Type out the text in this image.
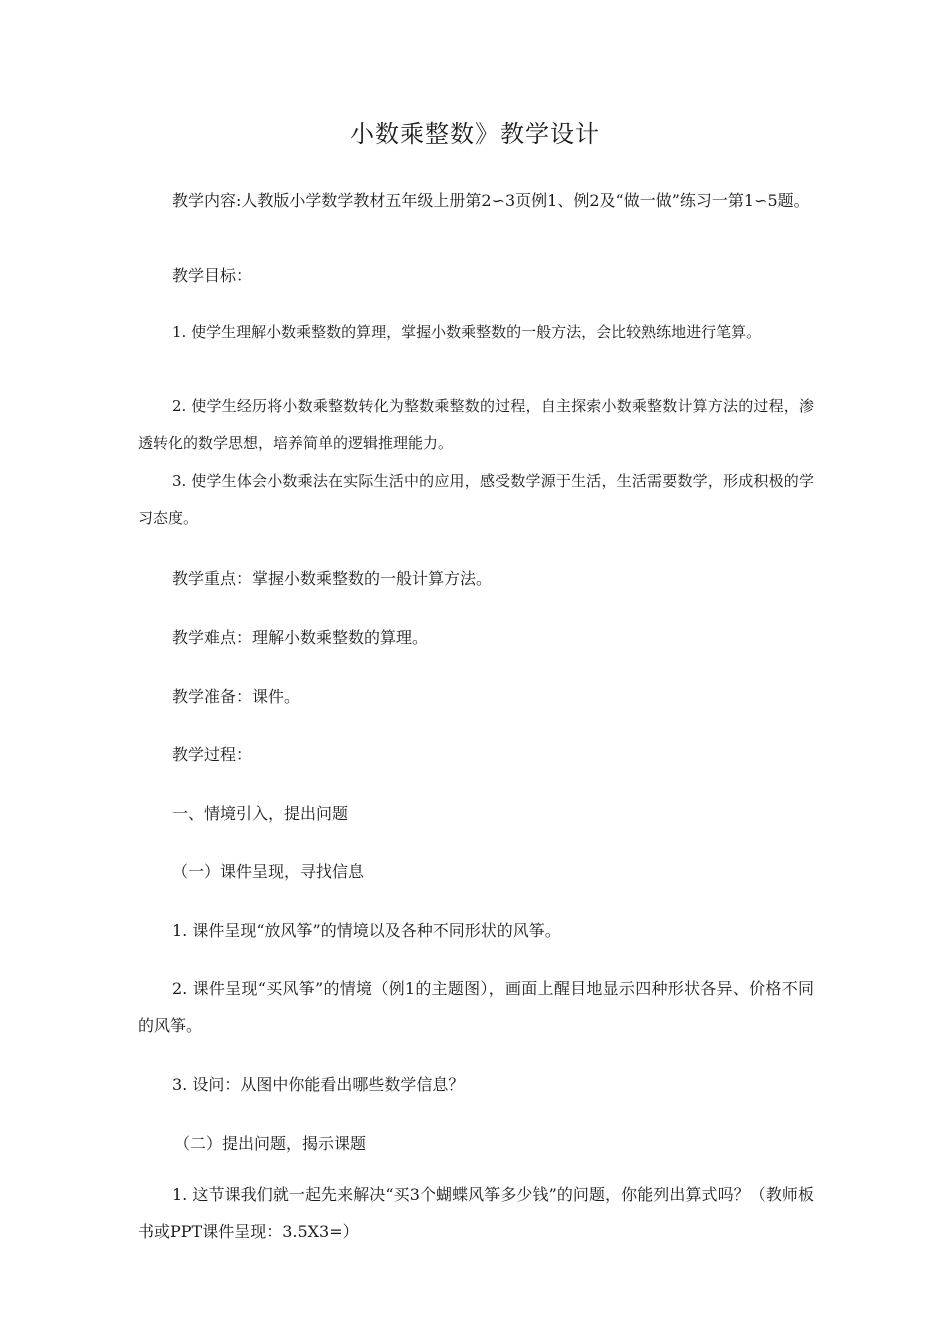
小数乘整数》教学设计
教学内容:人教版小学数学教材五年级上册第2∽3页例1、例2及“做一做”练习一第1∽5题。
教学目标：
1. 使学生理解小数乘整数的算理，掌握小数乘整数的一般方法，会比较熟练地进行笔算。
2. 使学生经历将小数乘整数转化为整数乘整数的过程，自主探索小数乘整数计算方法的过程，渗透转化的数学思想，培养简单的逻辑推理能力。
3. 使学生体会小数乘法在实际生活中的应用，感受数学源于生活，生活需要数学，形成积极的学习态度。
教学重点：掌握小数乘整数的一般计算方法。
教学难点：理解小数乘整数的算理。
教学准备：课件。
教学过程：
一、情境引入，提出问题
（一）课件呈现，寻找信息
1. 课件呈现“放风筝”的情境以及各种不同形状的风筝。
2. 课件呈现“买风筝”的情境（例1的主题图），画面上醒目地显示四种形状各异、价格不同的风筝。
3. 设问：从图中你能看出哪些数学信息？
（二）提出问题，揭示课题
1. 这节课我们就一起先来解决“买3个蝴蝶风筝多少钱”的问题，你能列出算式吗？（教师板书或PPT课件呈现：3.5X3=）
